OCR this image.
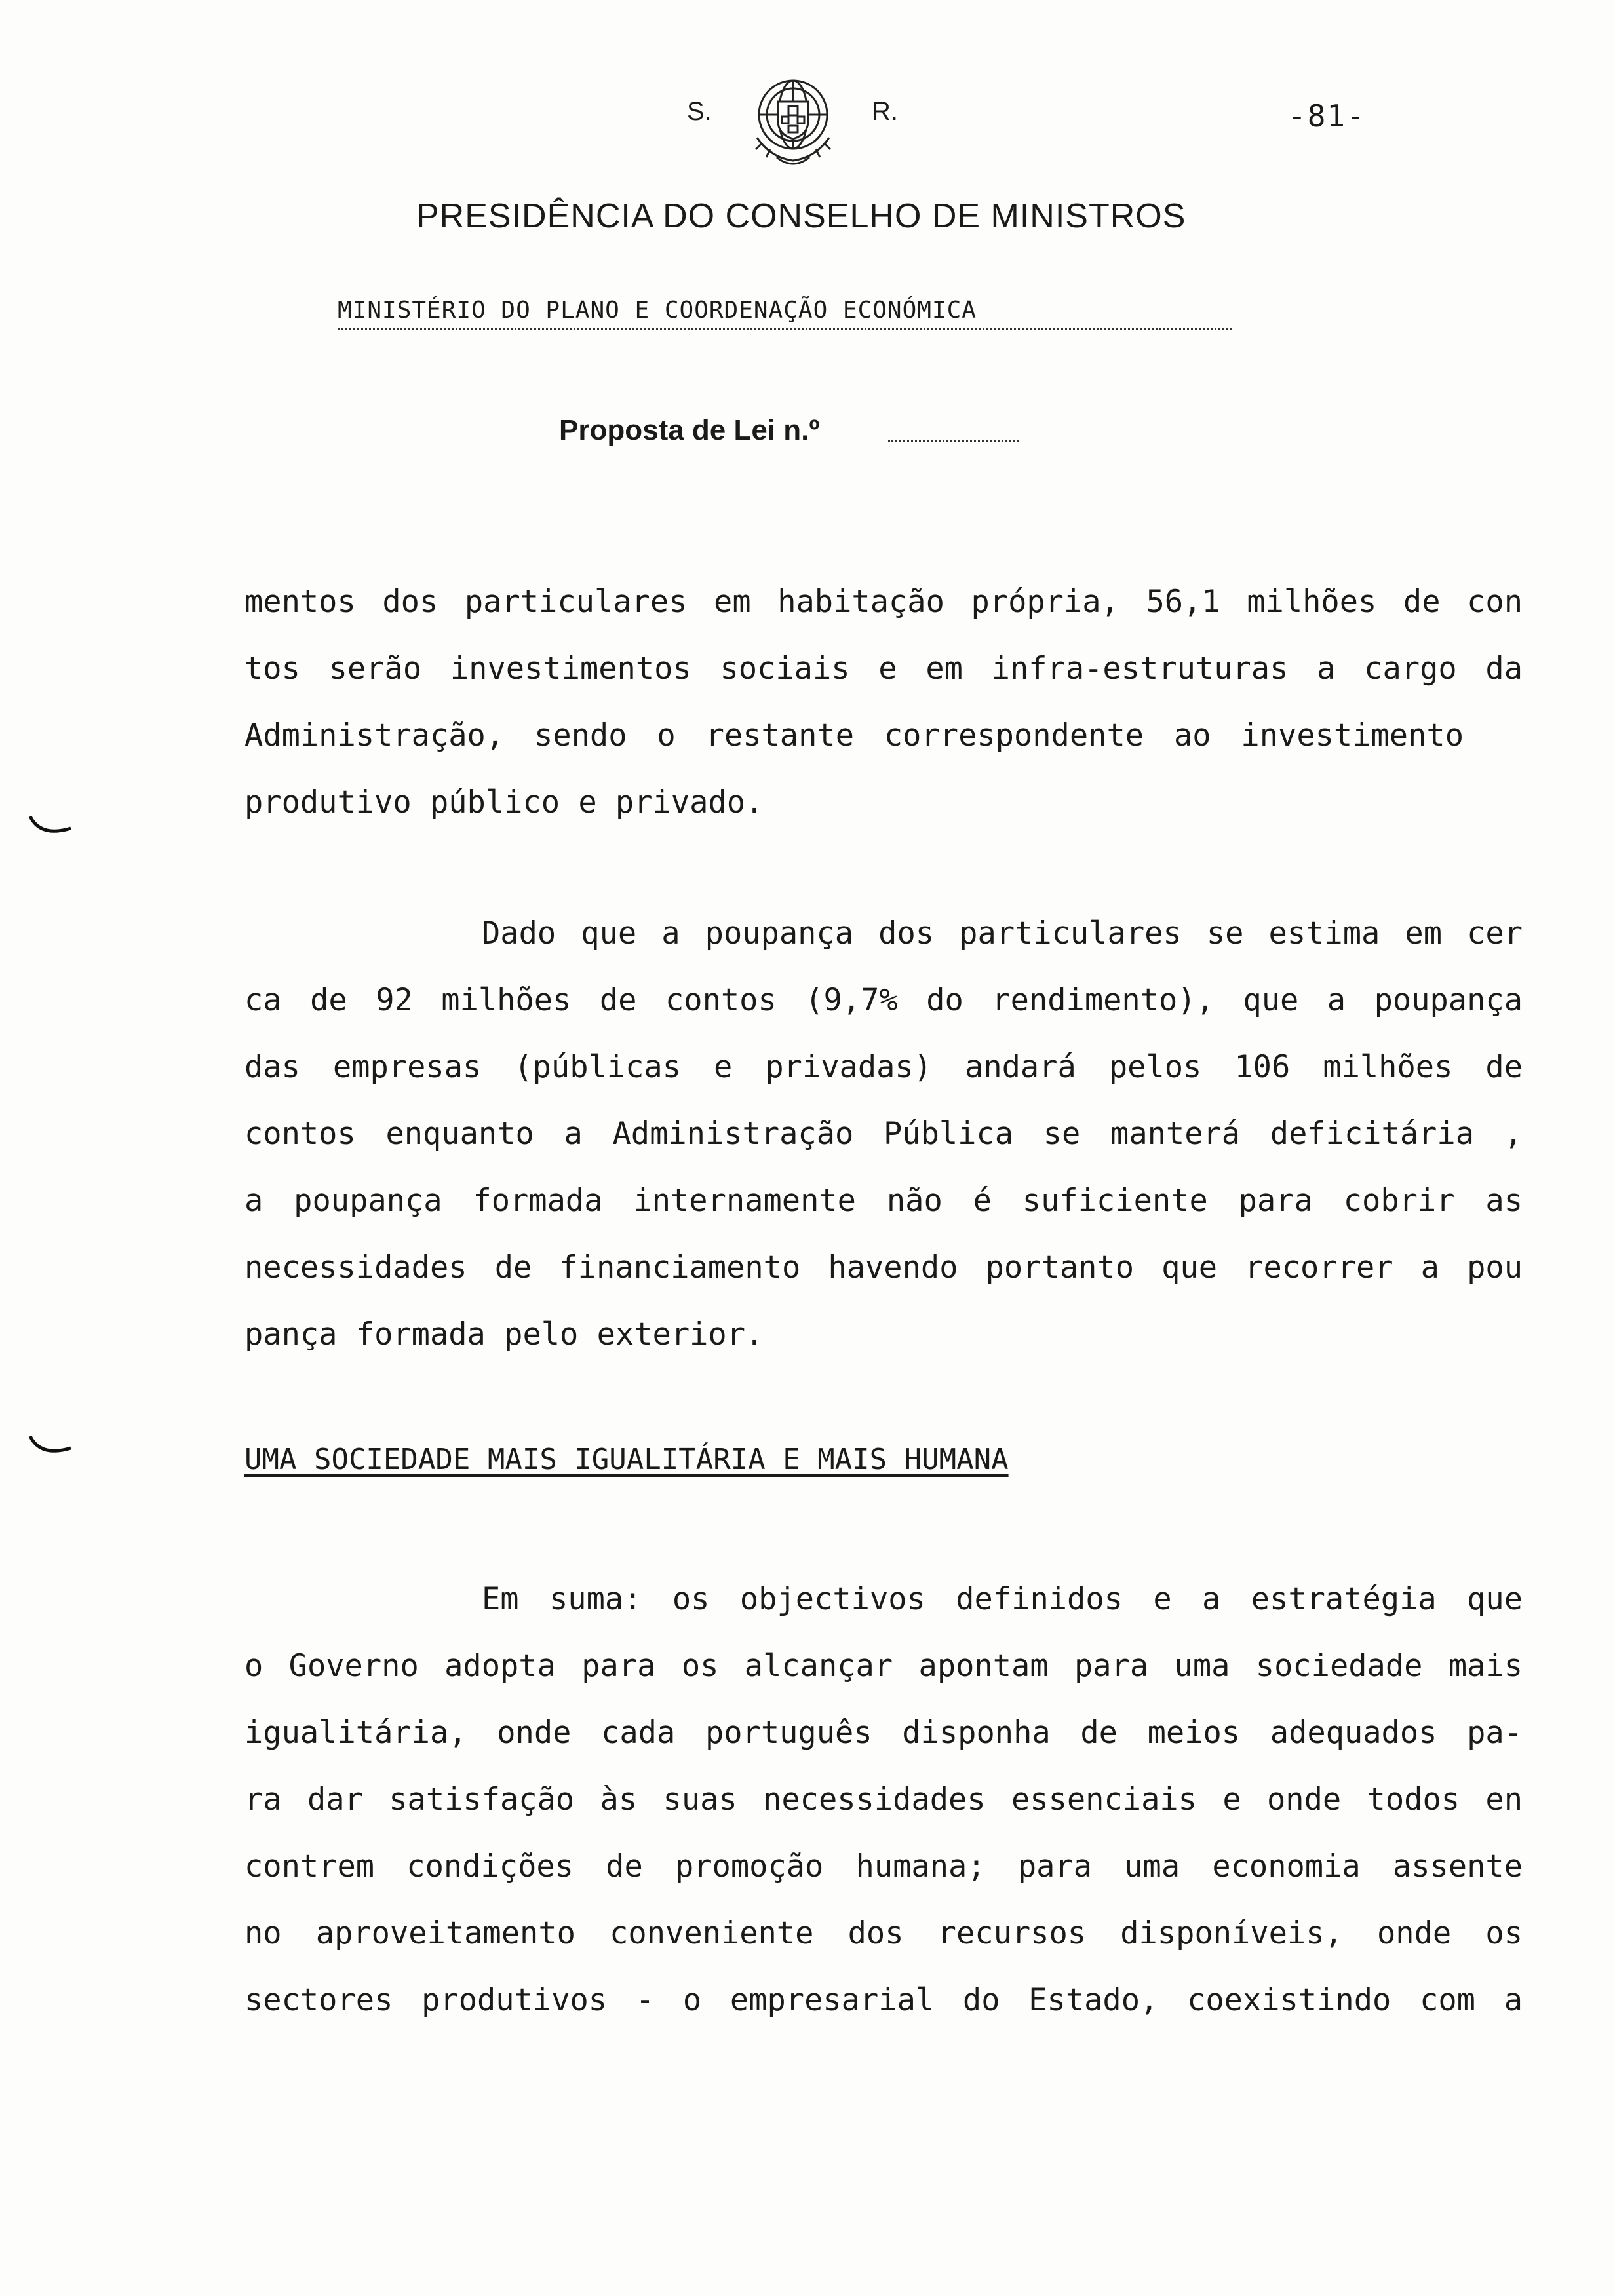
S.	R.	-81-
PRESIDÊNCIA DO CONSELHO DE MINISTROS
MINISTÉRIO DO PLANO E COORDENAÇÃO ECONÓMICA
Proposta de Lei n.º
mentos dos particulares em habitação própria, 56,1 milhões de con
tos serão investimentos sociais e em infra-estruturas a cargo da
Administração, sendo o restante correspondente ao investimento
produtivo público e privado.
Dado que a poupança dos particulares se estima em cer
ca de 92 milhões de contos (9,7% do rendimento), que a poupança
das empresas (públicas e privadas) andará pelos 106 milhões de
contos enquanto a Administração Pública se manterá deficitária ,
a poupança formada internamente não é suficiente para cobrir as
necessidades de financiamento havendo portanto que recorrer a pou
pança formada pelo exterior.
UMA SOCIEDADE MAIS IGUALITÁRIA E MAIS HUMANA
Em suma: os objectivos definidos e a estratégia que
o Governo adopta para os alcançar apontam para uma sociedade mais
igualitária, onde cada português disponha de meios adequados pa-
ra dar satisfação às suas necessidades essenciais e onde todos en
contrem condições de promoção humana; para uma economia assente
no aproveitamento conveniente dos recursos disponíveis, onde os
sectores produtivos - o empresarial do Estado, coexistindo com a
